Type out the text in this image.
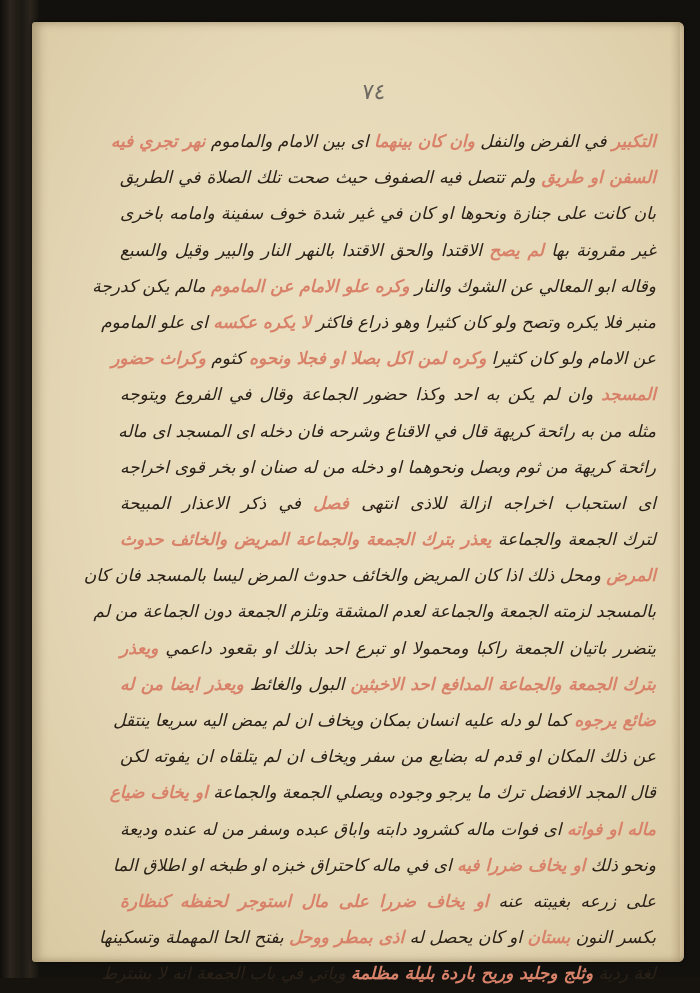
٧٤
التكبير في الفرض والنفل وان كان بينهما اى بين الامام والماموم نهر تجري فيه
السفن او طريق ولم تتصل فيه الصفوف حيث صحت تلك الصلاة في الطريق
بان كانت على جنازة ونحوها او كان في غير شدة خوف سفينة وامامه باخرى
غير مقرونة بها لم يصح الاقتدا والحق الاقتدا بالنهر النار والبير وقيل والسبع
وقاله ابو المعالي عن الشوك والنار وكره علو الامام عن الماموم مالم يكن كدرجة
منبر فلا يكره وتصح ولو كان كثيرا وهو ذراع فاكثر لا يكره عكسه اى علو الماموم
عن الامام ولو كان كثيرا وكره لمن اكل بصلا او فجلا ونحوه كثوم وكراث حضور
المسجد وان لم يكن به احد وكذا حضور الجماعة وقال في الفروع ويتوجه
مثله من به رائحة كريهة قال في الاقناع وشرحه فان دخله اى المسجد اى ماله
رائحة كريهة من ثوم وبصل ونحوهما او دخله من له صنان او بخر قوى اخراجه
اى استحباب اخراجه ازالة للاذى انتهى فصل في ذكر الاعذار المبيحة
لترك الجمعة والجماعة يعذر بترك الجمعة والجماعة المريض والخائف حدوث
المرض ومحل ذلك اذا كان المريض والخائف حدوث المرض ليسا بالمسجد فان كان
بالمسجد لزمته الجمعة والجماعة لعدم المشقة وتلزم الجمعة دون الجماعة من لم
يتضرر باتيان الجمعة راكبا ومحمولا او تبرع احد بذلك او بقعود داعمي ويعذر
بترك الجمعة والجماعة المدافع احد الاخبثين البول والغائط ويعذر ايضا من له
ضائع يرجوه كما لو دله عليه انسان بمكان ويخاف ان لم يمض اليه سريعا ينتقل
عن ذلك المكان او قدم له بضايع من سفر ويخاف ان لم يتلقاه ان يفوته لكن
قال المجد الافضل ترك ما يرجو وجوده ويصلي الجمعة والجماعة او يخاف ضياع
ماله او فواته اى فوات ماله كشرود دابته واباق عبده وسفر من له عنده وديعة
ونحو ذلك او يخاف ضررا فيه اى في ماله كاحتراق خبزه او طبخه او اطلاق الما
على زرعه بغيبته عنه او يخاف ضررا على مال استوجر لحفظه كنظارة
بكسر النون بستان او كان يحصل له اذى بمطر ووحل بفتح الحا المهملة وتسكينها
لغة ردية وثلج وجليد وريح باردة بليلة مظلمة وياتي في باب الجمعة انه لا يشترط
